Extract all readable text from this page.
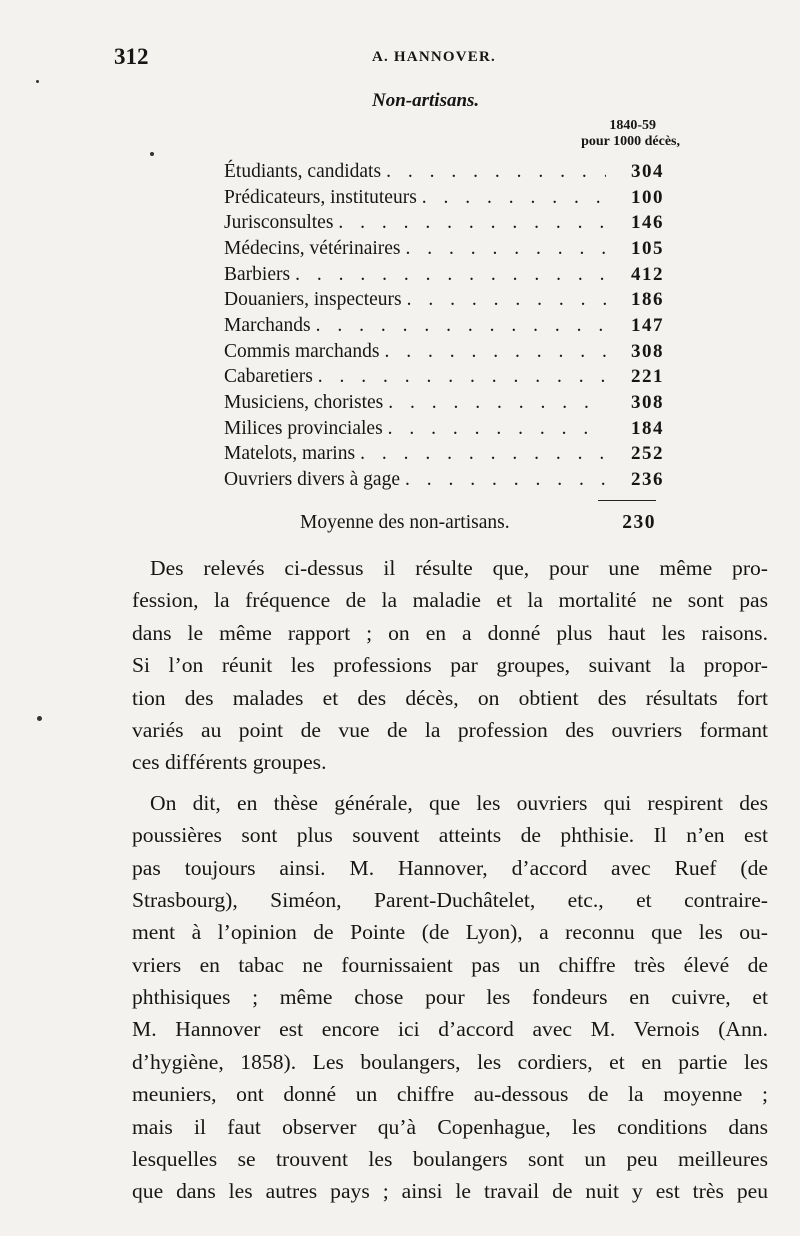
312	A. HANNOVER.
Non-artisans.
1840-59
pour 1000 décès,
Étudiants, candidats . . .	304
Prédicateurs, instituteurs . . .	100
Jurisconsultes . . .	146
Médecins, vétérinaires . . .	105
Barbiers . . .	412
Douaniers, inspecteurs . . .	186
Marchands . . .	147
Commis marchands . . .	308
Cabaretiers . . .	221
Musiciens, choristes . . .	308
Milices provinciales . . .	184
Matelots, marins . . .	252
Ouvriers divers à gage . . .	236
Moyenne des non-artisans.	230
Des relevés ci-dessus il résulte que, pour une même pro-
fession, la fréquence de la maladie et la mortalité ne sont pas
dans le même rapport ; on en a donné plus haut les raisons.
Si l’on réunit les professions par groupes, suivant la propor-
tion des malades et des décès, on obtient des résultats fort
variés au point de vue de la profession des ouvriers formant
ces différents groupes.
On dit, en thèse générale, que les ouvriers qui respirent des
poussières sont plus souvent atteints de phthisie. Il n’en est
pas toujours ainsi. M. Hannover, d’accord avec Ruef (de
Strasbourg), Siméon, Parent-Duchâtelet, etc., et contraire-
ment à l’opinion de Pointe (de Lyon), a reconnu que les ou-
vriers en tabac ne fournissaient pas un chiffre très élevé de
phthisiques ; même chose pour les fondeurs en cuivre, et
M. Hannover est encore ici d’accord avec M. Vernois (Ann.
d’hygiène, 1858). Les boulangers, les cordiers, et en partie les
meuniers, ont donné un chiffre au-dessous de la moyenne ;
mais il faut observer qu’à Copenhague, les conditions dans
lesquelles se trouvent les boulangers sont un peu meilleures
que dans les autres pays ; ainsi le travail de nuit y est très peu
